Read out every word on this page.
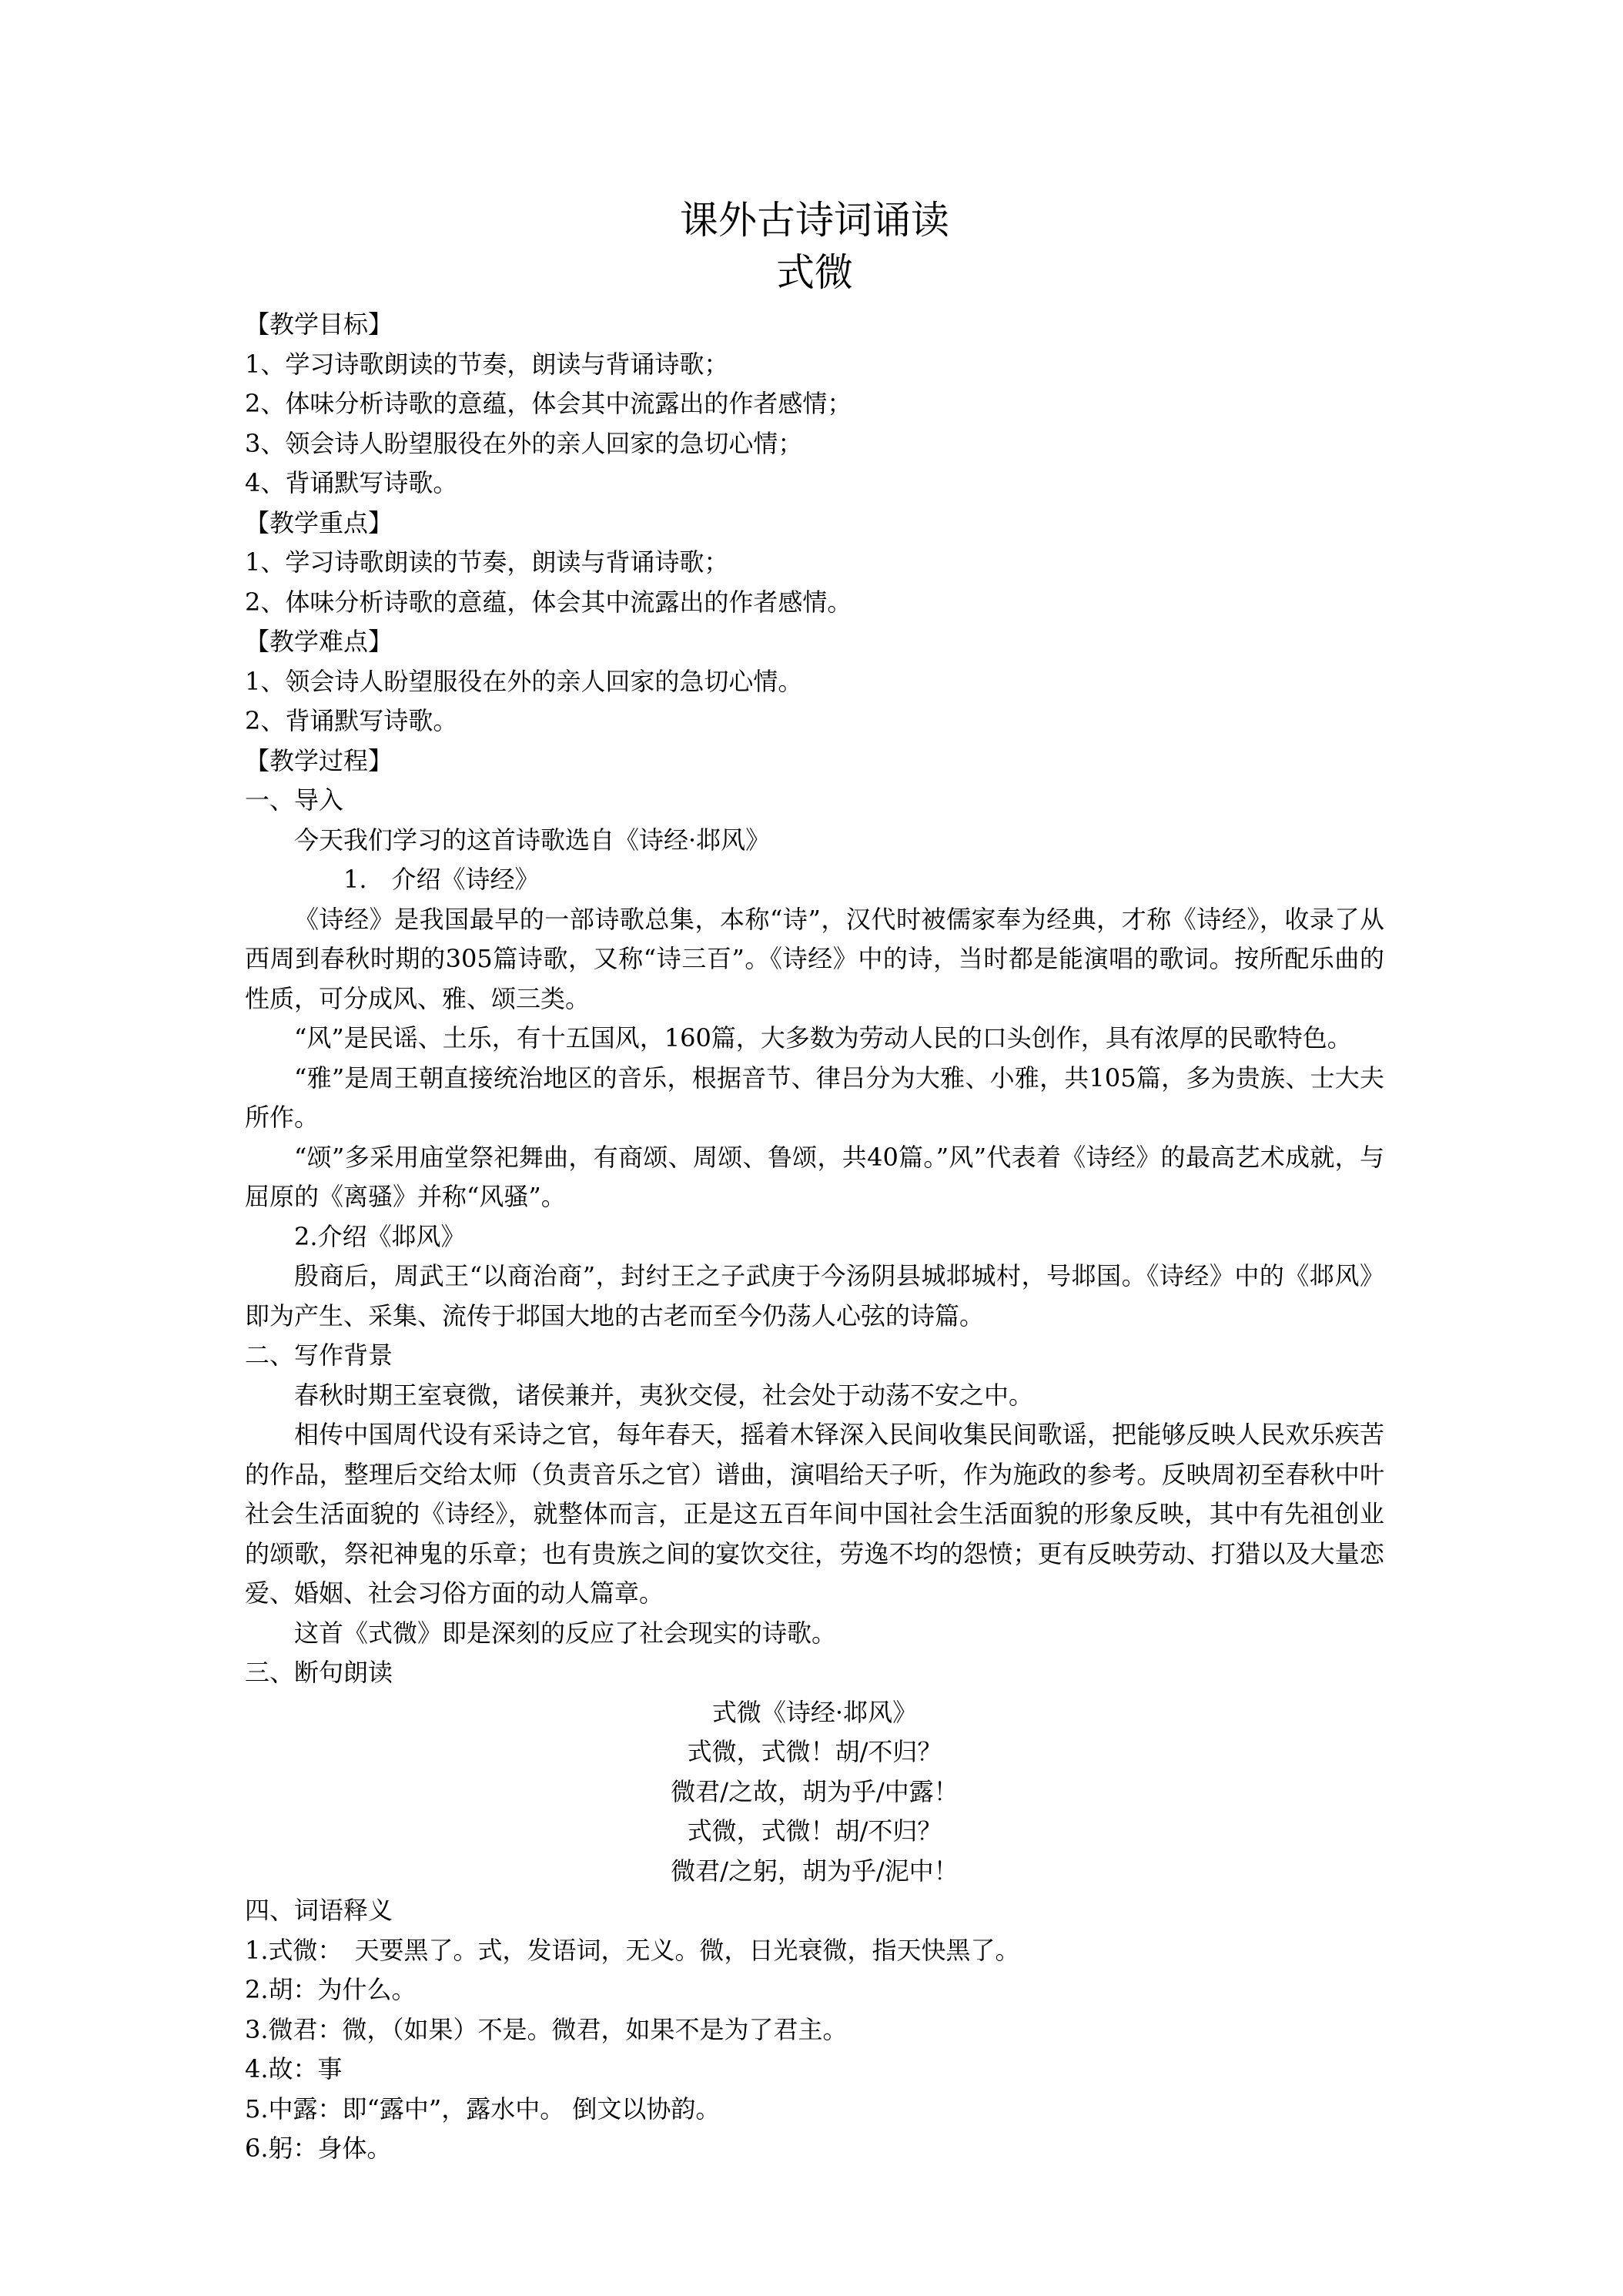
课外古诗词诵读
式微

【教学目标】

1、学习诗歌朗读的节奏，朗读与背诵诗歌；

2、体味分析诗歌的意蕴，体会其中流露出的作者感情；

3、领会诗人盼望服役在外的亲人回家的急切心情；

4、背诵默写诗歌。

【教学重点】

1、学习诗歌朗读的节奏，朗读与背诵诗歌；

2、体味分析诗歌的意蕴，体会其中流露出的作者感情。

【教学难点】

1、领会诗人盼望服役在外的亲人回家的急切心情。

2、背诵默写诗歌。

【教学过程】

一、导入

今天我们学习的这首诗歌选自《诗经·邶风》

1.　介绍《诗经》

《诗经》是我国最早的一部诗歌总集，本称“诗”，汉代时被儒家奉为经典，才称《诗经》，收录了从西周到春秋时期的305篇诗歌，又称“诗三百”。《诗经》中的诗，当时都是能演唱的歌词。按所配乐曲的性质，可分成风、雅、颂三类。

“风”是民谣、土乐，有十五国风，160篇，大多数为劳动人民的口头创作，具有浓厚的民歌特色。

“雅”是周王朝直接统治地区的音乐，根据音节、律吕分为大雅、小雅，共105篇，多为贵族、士大夫所作。

“颂”多采用庙堂祭祀舞曲，有商颂、周颂、鲁颂，共40篇。”风”代表着《诗经》的最高艺术成就，与屈原的《离骚》并称“风骚”。

2.介绍《邶风》

殷商后，周武王“以商治商”，封纣王之子武庚于今汤阴县城邶城村，号邶国。《诗经》中的《邶风》即为产生、采集、流传于邶国大地的古老而至今仍荡人心弦的诗篇。

二、写作背景

春秋时期王室衰微，诸侯兼并，夷狄交侵，社会处于动荡不安之中。

相传中国周代设有采诗之官，每年春天，摇着木铎深入民间收集民间歌谣，把能够反映人民欢乐疾苦的作品，整理后交给太师（负责音乐之官）谱曲，演唱给天子听，作为施政的参考。反映周初至春秋中叶社会生活面貌的《诗经》，就整体而言，正是这五百年间中国社会生活面貌的形象反映，其中有先祖创业的颂歌，祭祀神鬼的乐章；也有贵族之间的宴饮交往，劳逸不均的怨愤；更有反映劳动、打猎以及大量恋爱、婚姻、社会习俗方面的动人篇章。

这首《式微》即是深刻的反应了社会现实的诗歌。

三、断句朗读

式微《诗经·邶风》

式微，式微！胡/不归？

微君/之故，胡为乎/中露！

式微，式微！胡/不归？

微君/之躬，胡为乎/泥中！

四、词语释义

1.式微：　天要黑了。式，发语词，无义。微，日光衰微，指天快黑了。

2.胡：为什么。

3.微君：微，（如果）不是。微君，如果不是为了君主。

4.故：事

5.中露：即“露中”，露水中。 倒文以协韵。

6.躬：身体。
